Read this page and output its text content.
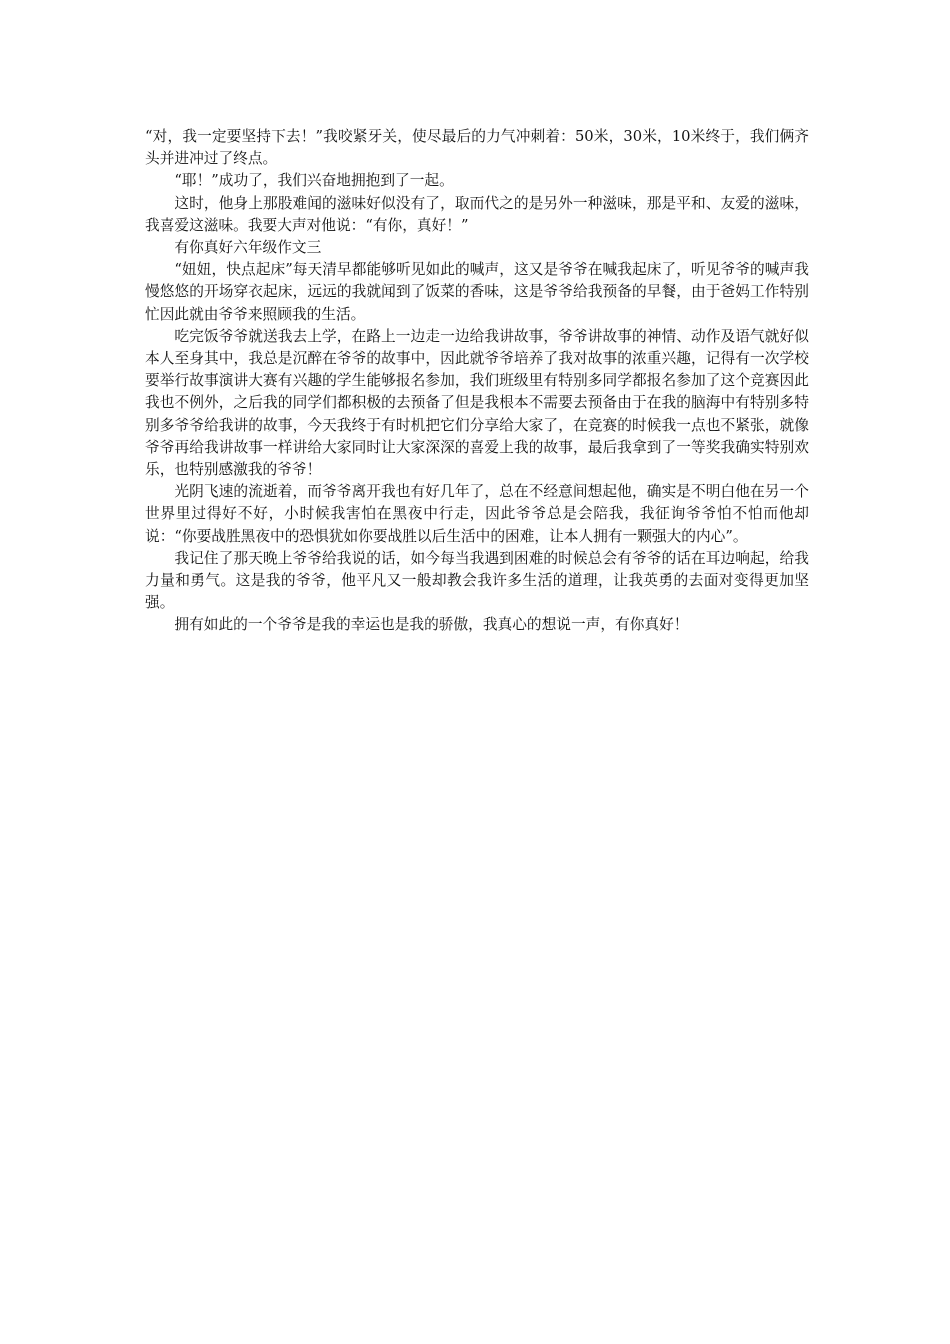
“对，我一定要坚持下去！”我咬紧牙关，使尽最后的力气冲刺着：50米，30米，10米终于，我们俩齐头并进冲过了终点。

“耶！”成功了，我们兴奋地拥抱到了一起。

这时，他身上那股难闻的滋味好似没有了，取而代之的是另外一种滋味，那是平和、友爱的滋味，我喜爱这滋味。我要大声对他说：“有你，真好！”

有你真好六年级作文三

“妞妞，快点起床”每天清早都能够听见如此的喊声，这又是爷爷在喊我起床了，听见爷爷的喊声我慢悠悠的开场穿衣起床，远远的我就闻到了饭菜的香味，这是爷爷给我预备的早餐，由于爸妈工作特别忙因此就由爷爷来照顾我的生活。

吃完饭爷爷就送我去上学，在路上一边走一边给我讲故事，爷爷讲故事的神情、动作及语气就好似本人至身其中，我总是沉醉在爷爷的故事中，因此就爷爷培养了我对故事的浓重兴趣，记得有一次学校要举行故事演讲大赛有兴趣的学生能够报名参加，我们班级里有特别多同学都报名参加了这个竞赛因此我也不例外，之后我的同学们都积极的去预备了但是我根本不需要去预备由于在我的脑海中有特别多特别多爷爷给我讲的故事，今天我终于有时机把它们分享给大家了，在竞赛的时候我一点也不紧张，就像爷爷再给我讲故事一样讲给大家同时让大家深深的喜爱上我的故事，最后我拿到了一等奖我确实特别欢乐，也特别感激我的爷爷！

光阴飞速的流逝着，而爷爷离开我也有好几年了，总在不经意间想起他，确实是不明白他在另一个世界里过得好不好，小时候我害怕在黑夜中行走，因此爷爷总是会陪我，我征询爷爷怕不怕而他却说：“你要战胜黑夜中的恐惧犹如你要战胜以后生活中的困难，让本人拥有一颗强大的内心”。

我记住了那天晚上爷爷给我说的话，如今每当我遇到困难的时候总会有爷爷的话在耳边响起，给我力量和勇气。这是我的爷爷，他平凡又一般却教会我许多生活的道理，让我英勇的去面对变得更加坚强。

拥有如此的一个爷爷是我的幸运也是我的骄傲，我真心的想说一声，有你真好！
